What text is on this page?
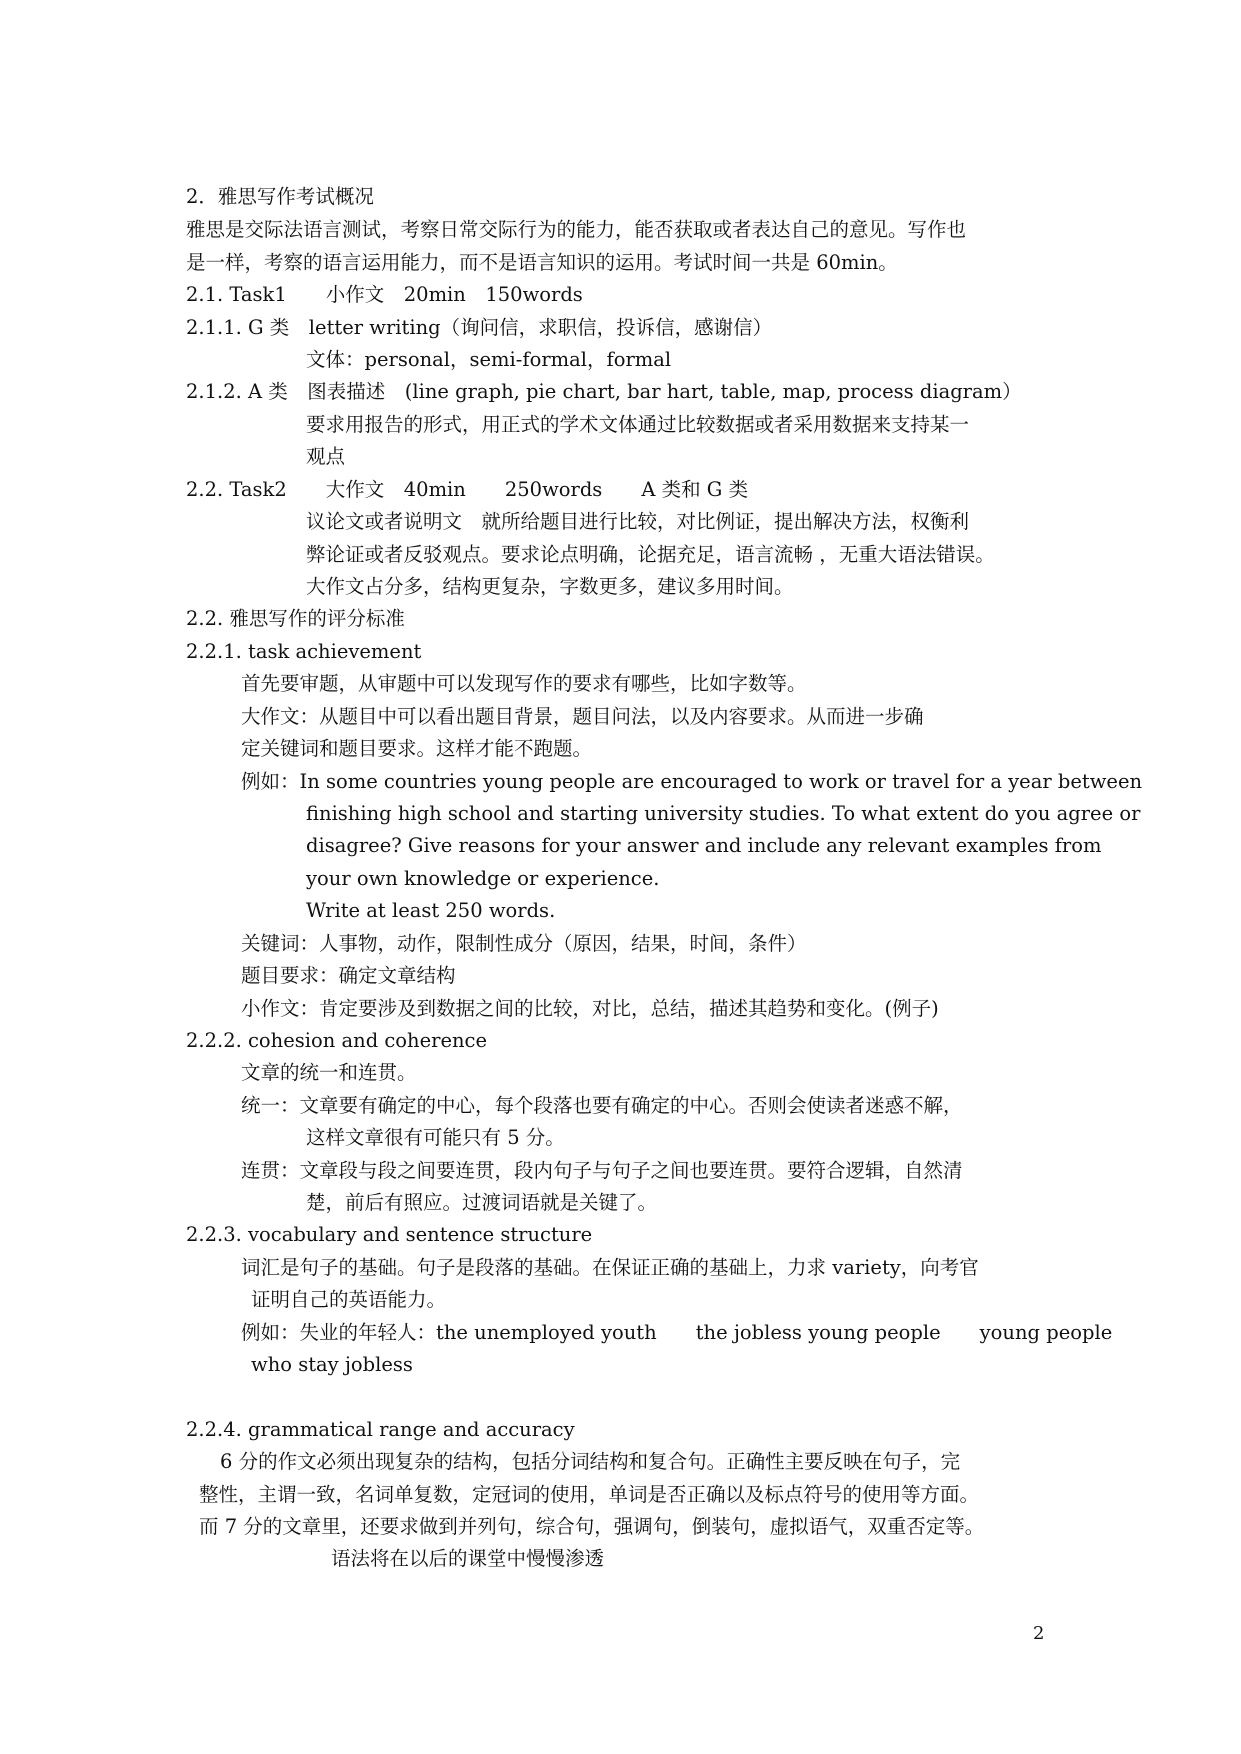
2．雅思写作考试概况
雅思是交际法语言测试，考察日常交际行为的能力，能否获取或者表达自己的意见。写作也
是一样，考察的语言运用能力，而不是语言知识的运用。考试时间一共是 60min。
2.1. Task1　　小作文　20min　150words
2.1.1. G 类　letter writing（询问信，求职信，投诉信，感谢信）
文体：personal，semi-formal，formal
2.1.2. A 类　图表描述　(line graph, pie chart, bar hart, table, map, process diagram）
要求用报告的形式，用正式的学术文体通过比较数据或者采用数据来支持某一
观点
2.2. Task2　　大作文　40min　　250words　　A 类和 G 类
议论文或者说明文　就所给题目进行比较，对比例证，提出解决方法，权衡利
弊论证或者反驳观点。要求论点明确，论据充足，语言流畅 ，无重大语法错误。
大作文占分多，结构更复杂，字数更多，建议多用时间。
2.2. 雅思写作的评分标准
2.2.1. task achievement
首先要审题，从审题中可以发现写作的要求有哪些，比如字数等。
大作文：从题目中可以看出题目背景，题目问法，以及内容要求。从而进一步确
定关键词和题目要求。这样才能不跑题。
例如：In some countries young people are encouraged to work or travel for a year between
finishing high school and starting university studies. To what extent do you agree or
disagree? Give reasons for your answer and include any relevant examples from
your own knowledge or experience.
Write at least 250 words.
关键词：人事物，动作，限制性成分（原因，结果，时间，条件）
题目要求：确定文章结构
小作文：肯定要涉及到数据之间的比较，对比，总结，描述其趋势和变化。(例子)
2.2.2. cohesion and coherence
文章的统一和连贯。
统一：文章要有确定的中心，每个段落也要有确定的中心。否则会使读者迷惑不解，
这样文章很有可能只有 5 分。
连贯：文章段与段之间要连贯，段内句子与句子之间也要连贯。要符合逻辑，自然清
楚，前后有照应。过渡词语就是关键了。
2.2.3. vocabulary and sentence structure
词汇是句子的基础。句子是段落的基础。在保证正确的基础上，力求 variety，向考官
证明自己的英语能力。
例如：失业的年轻人：the unemployed youth　　the jobless young people　　young people
who stay jobless
2.2.4. grammatical range and accuracy
6 分的作文必须出现复杂的结构，包括分词结构和复合句。正确性主要反映在句子，完
整性，主谓一致，名词单复数，定冠词的使用，单词是否正确以及标点符号的使用等方面。
而 7 分的文章里，还要求做到并列句，综合句，强调句，倒装句，虚拟语气，双重否定等。
语法将在以后的课堂中慢慢渗透
2
